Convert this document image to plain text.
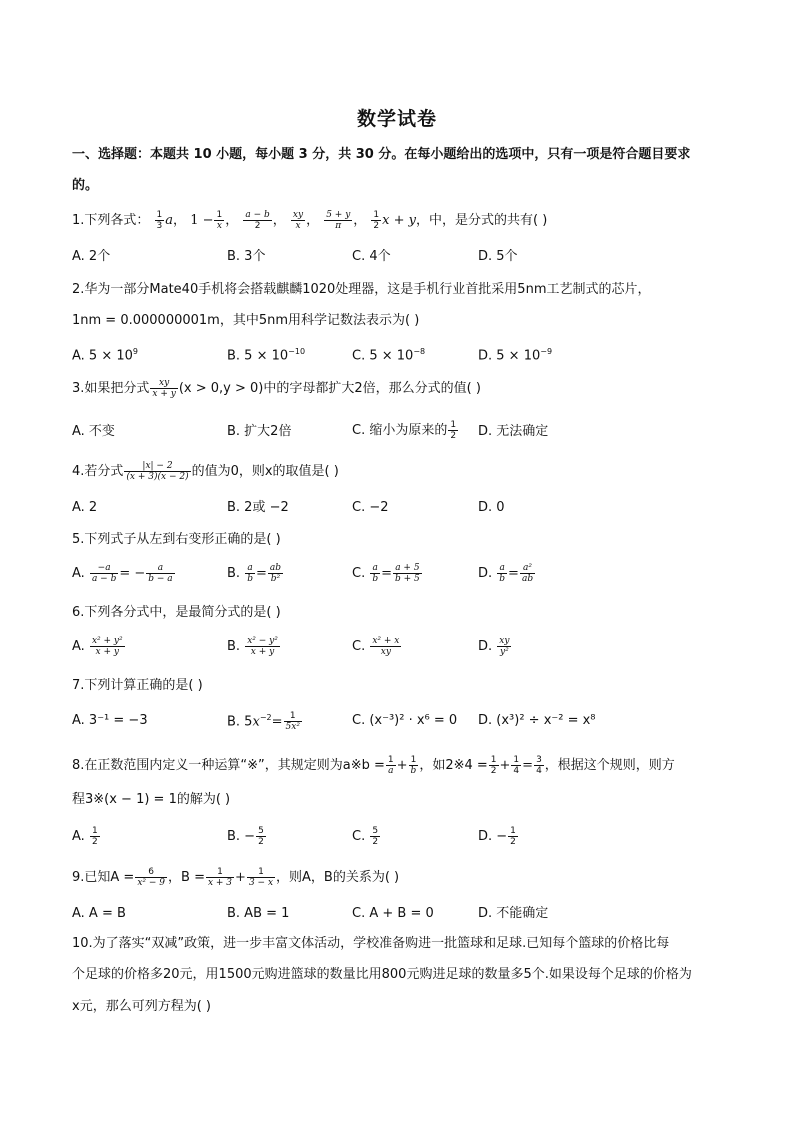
数学试卷
一、选择题：本题共 10 小题，每小题 3 分，共 30 分。在每小题给出的选项中，只有一项是符合题目要求
的。
1.下列各式： $\frac{1}{3}$ a， $1 - \frac{1}{x}$ ， $\frac{a - b}{2}$ ， $\frac{xy}{x}$ ， $\frac{5 + y}{\pi}$ ， $\frac{1}{2}$ x + y，中，是分式的共有( )
A. 2个	B. 3个	C. 4个	D. 5个
2.华为一部分Mate40手机将会搭载麒麟1020处理器，这是手机行业首批采用5nm工艺制式的芯片，
1nm = 0.000000001m，其中5nm用科学记数法表示为( )
A. $5 \times 10^9$	B. $5 \times 10^{-10}$	C. $5 \times 10^{-8}$	D. $5 \times 10^{-9}$
3.如果把分式 $\frac{xy}{x + y} (x > 0,y > 0)$中的字母都扩大2倍，那么分式的值( )
A. 不变	B. 扩大2倍	C. 缩小为原来的 $\frac{1}{2} D$. 无法确定
4.若分式 $\frac{|x| - 2}{(x + 3)(x - 2)}$ 的值为0，则x的取值是( )
A. 2	B. 2或 −2	C. −2	D. 0
5.下列式子从左到右变形正确的是( )
A. $\frac{-a}{a - b}$ = − $\frac{a}{b - a}$	B. $\frac{a}{b} = \frac{ab}{\text{b²}}$	C. $\frac{a}{b} = \frac{a + 5}{b + 5}$	D. $\frac{a}{b} = \frac{\text{a²}}{ab}$
6.下列各分式中，是最简分式的是( )
A. $\frac{\text{x² + y²}}{x + y}$	B. $\frac{\text{x² − y²}}{x + y}$	C. $\frac{\text{x² + x}}{xy}$	D. $\frac{xy}{\text{y²}}$
7.下列计算正确的是( )
A. 3⁻¹ = −3	B. $5x^{-2}= \frac{1}{\text{5x²}}$	C. (x⁻³)² · x⁶ = 0 D. (x³)² ÷ x⁻² = x⁸
8.在正数范围内定义一种运算“※”，其规定则为a※b = $\frac{1}{a} + \frac{1}{b}$ ，如2※4 = $\frac{1}{2} + \frac{1}{4} = \frac{3}{4}$ ，根据这个规则，则方
程3※(x − 1) = 1的解为( )
A. $\frac{1}{2}$	B. − $\frac{5}{2}$	C. $\frac{5}{2}$	D. − $\frac{1}{2}$
9.已知$A = \frac{6}{\text{x² − 9}}$ ，$B = \frac{1}{x + 3} + \frac{1}{3 - x}$ ，则A，B的关系为( )
A. A = B	B. AB = 1	C. A + B = 0	D. 不能确定
10.为了落实“双减”政策，进一步丰富文体活动，学校准备购进一批篮球和足球.已知每个篮球的价格比每
个足球的价格多20元，用1500元购进篮球的数量比用800元购进足球的数量多5个.如果设每个足球的价格为
x元，那么可列方程为( )
